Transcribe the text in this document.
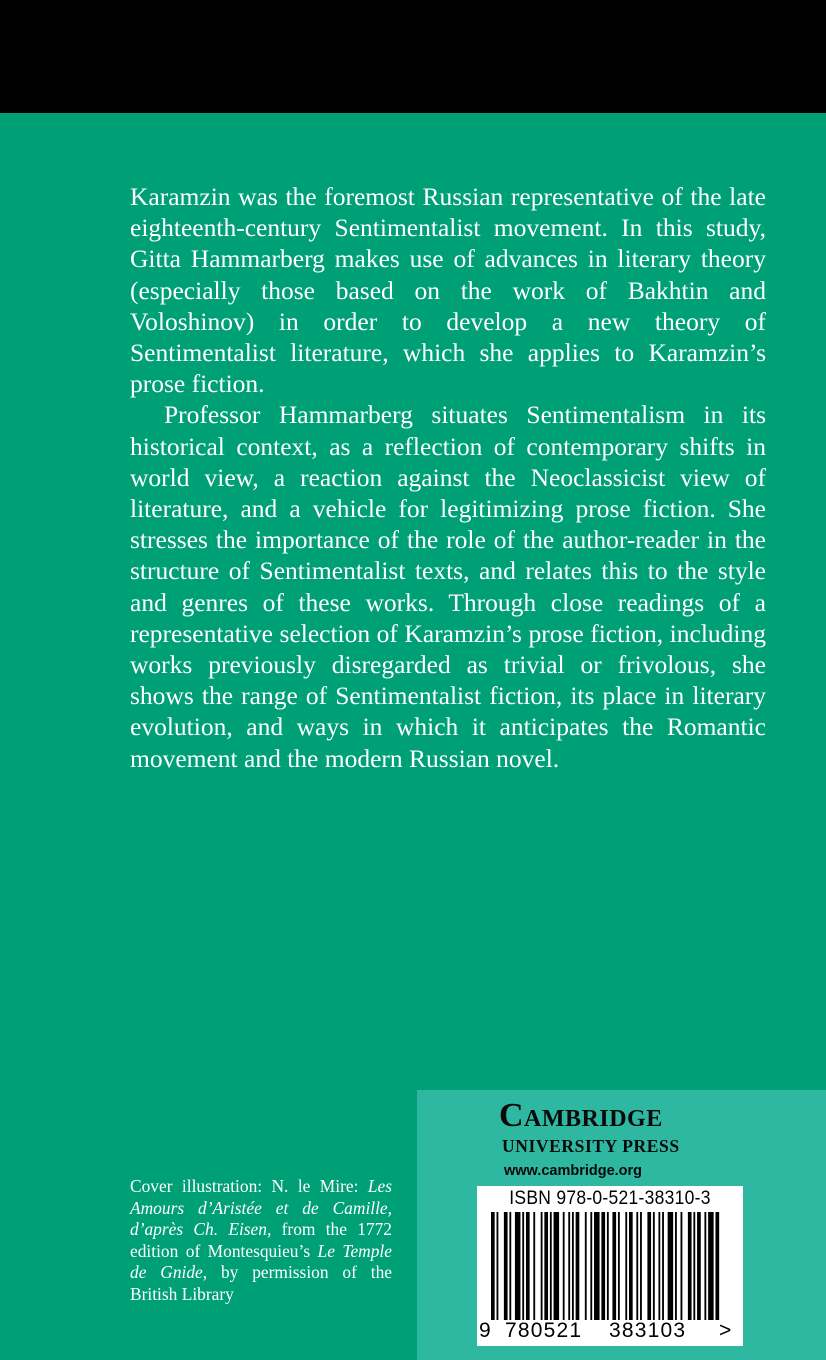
Karamzin was the foremost Russian representative of the late eighteenth-century Sentimentalist movement. In this study, Gitta Hammarberg makes use of advances in literary theory (especially those based on the work of Bakhtin and Voloshinov) in order to develop a new theory of Sentimentalist literature, which she applies to Karamzin’s prose fiction.

Professor Hammarberg situates Sentimentalism in its historical context, as a reflection of contemporary shifts in world view, a reaction against the Neoclassicist view of literature, and a vehicle for legitimizing prose fiction. She stresses the importance of the role of the author-reader in the structure of Sentimentalist texts, and relates this to the style and genres of these works. Through close readings of a representative selection of Karamzin’s prose fiction, including works previously disregarded as trivial or frivolous, she shows the range of Sentimentalist fiction, its place in literary evolution, and ways in which it anticipates the Romantic movement and the modern Russian novel.

Cover illustration: N. le Mire: Les Amours d’Aristée et de Camille, d’après Ch. Eisen, from the 1772 edition of Montesquieu’s Le Temple de Gnide, by permission of the British Library
Cambridge
UNIVERSITY PRESS
www.cambridge.org
ISBN 978-0-521-38310-3
9 780521 383103 >
